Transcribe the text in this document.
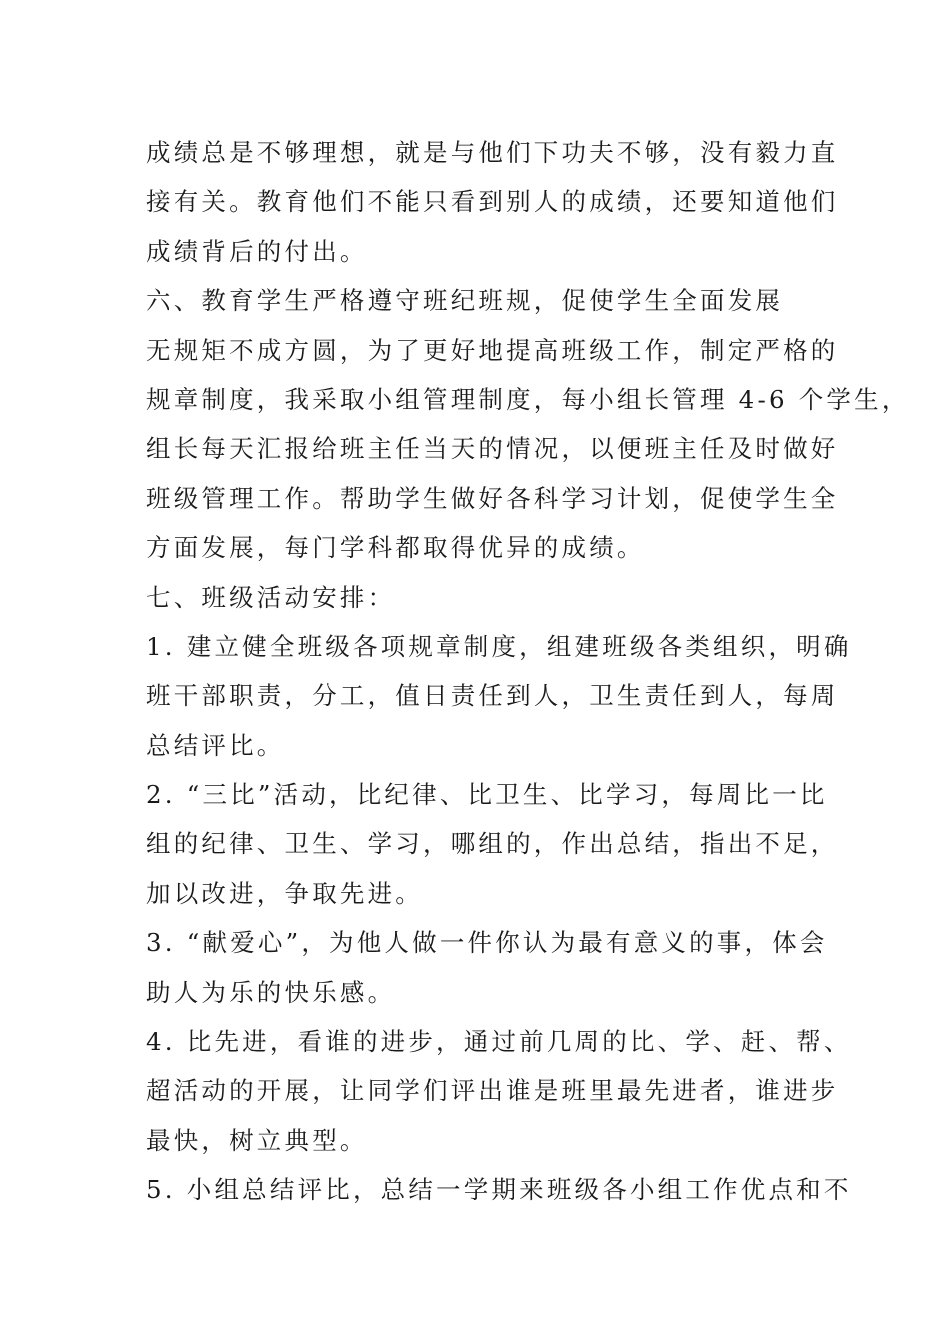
成绩总是不够理想，就是与他们下功夫不够，没有毅力直
接有关。教育他们不能只看到别人的成绩，还要知道他们
成绩背后的付出。
六、教育学生严格遵守班纪班规，促使学生全面发展
无规矩不成方圆，为了更好地提高班级工作，制定严格的
规章制度，我采取小组管理制度，每小组长管理 4-6 个学生，
组长每天汇报给班主任当天的情况，以便班主任及时做好
班级管理工作。帮助学生做好各科学习计划，促使学生全
方面发展，每门学科都取得优异的成绩。
七、班级活动安排：
1. 建立健全班级各项规章制度，组建班级各类组织，明确
班干部职责，分工，值日责任到人，卫生责任到人，每周
总结评比。
2. “三比”活动，比纪律、比卫生、比学习，每周比一比
组的纪律、卫生、学习，哪组的，作出总结，指出不足，
加以改进，争取先进。
3. “献爱心”，为他人做一件你认为最有意义的事，体会
助人为乐的快乐感。
4. 比先进，看谁的进步，通过前几周的比、学、赶、帮、
超活动的开展，让同学们评出谁是班里最先进者，谁进步
最快，树立典型。
5. 小组总结评比，总结一学期来班级各小组工作优点和不
